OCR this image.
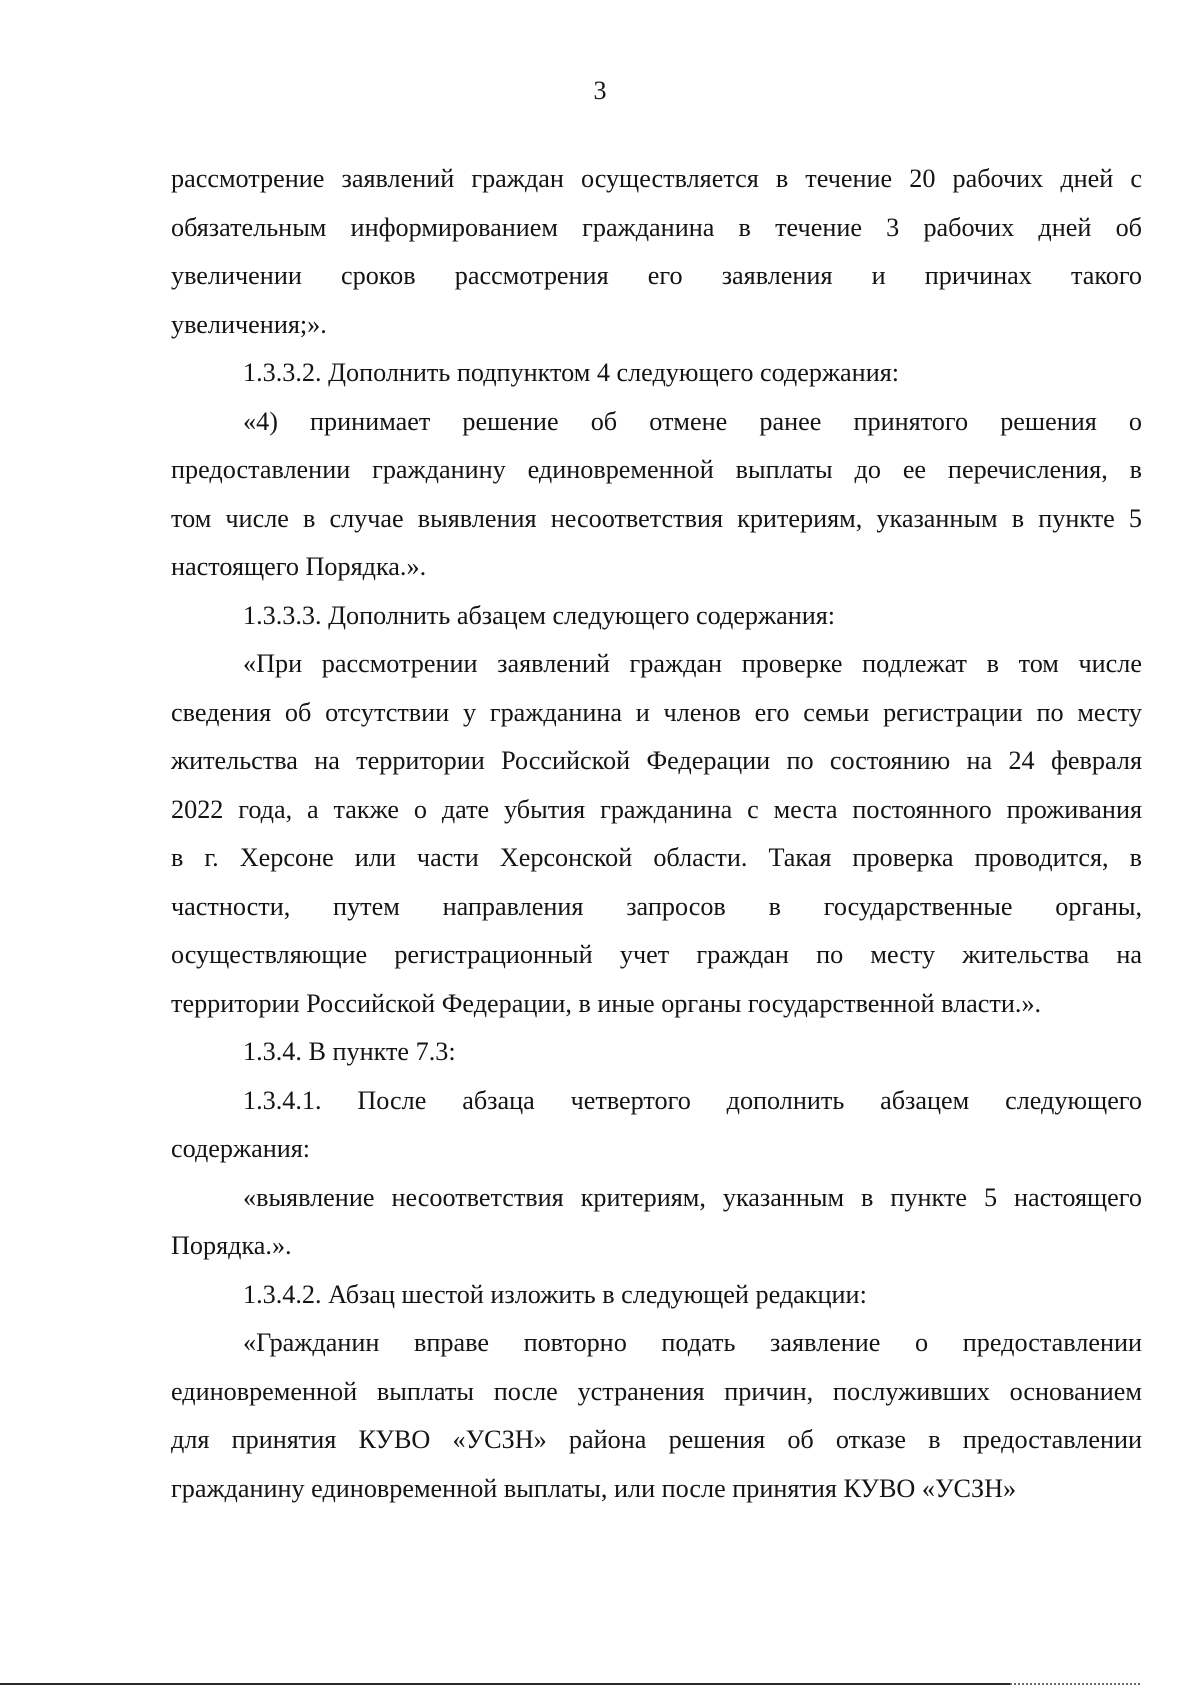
3

рассмотрение заявлений граждан осуществляется в течение 20 рабочих дней с
обязательным информированием гражданина в течение 3 рабочих дней об
увеличении сроков рассмотрения его заявления и причинах такого
увеличения;».

1.3.3.2. Дополнить подпунктом 4 следующего содержания:

«4) принимает решение об отмене ранее принятого решения о
предоставлении гражданину единовременной выплаты до ее перечисления, в
том числе в случае выявления несоответствия критериям, указанным в пункте 5
настоящего Порядка.».

1.3.3.3. Дополнить абзацем следующего содержания:

«При рассмотрении заявлений граждан проверке подлежат в том числе
сведения об отсутствии у гражданина и членов его семьи регистрации по месту
жительства на территории Российской Федерации по состоянию на 24 февраля
2022 года, а также о дате убытия гражданина с места постоянного проживания
в г. Херсоне или части Херсонской области. Такая проверка проводится, в
частности, путем направления запросов в государственные органы,
осуществляющие регистрационный учет граждан по месту жительства на
территории Российской Федерации, в иные органы государственной власти.».

1.3.4. В пункте 7.3:

1.3.4.1. После абзаца четвертого дополнить абзацем следующего
содержания:

«выявление несоответствия критериям, указанным в пункте 5 настоящего
Порядка.».

1.3.4.2. Абзац шестой изложить в следующей редакции:

«Гражданин вправе повторно подать заявление о предоставлении
единовременной выплаты после устранения причин, послуживших основанием
для принятия КУВО «УСЗН» района решения об отказе в предоставлении
гражданину единовременной выплаты, или после принятия КУВО «УСЗН»
